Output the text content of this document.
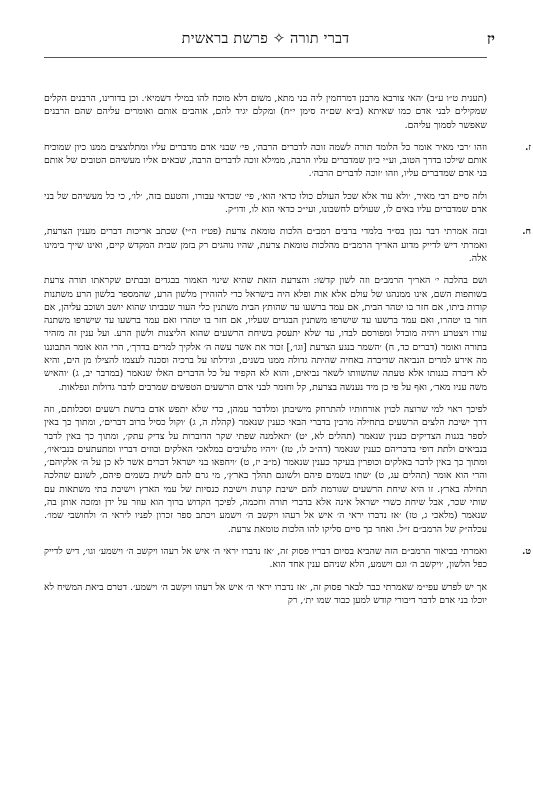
דברי תורה ✧ פרשת בראשית	יז

(תענית ט״ו ע״ב) ׳האי צורבא מרבנן דמרחמין ליה בני מתא, משום דלא מוכח להו במילי דשמיא׳. וכן בדורינו, הרבנים הקלים שמקילים לבני אדם כמו שאיתא (ב״א שם״ה סימן י״ח) ומקלם יגיד להם, אוהבים אותם ואומרים עליהם שהם הרבנים שאפשר לסמוך עליהם.

ז.

וזהו ׳רבי מאיר אומר כל הלומד תורה לשמה זוכה לדברים הרבה׳, פי׳ שבני אדם מדברים עליו ומתלוצצים ממנו כיון שמוכיח אותם שילכו בדרך הטוב, וע״י כיון שמדברים עליו הרבה, ממילא זוכה לדברים הרבה, שבאים אליו מעשיהם הטובים של אותם בני אדם שמדברים עליו, וזהו ׳זוכה לדברים הרבה׳.

ולזה סיים רבי מאיר, ׳ולא עוד אלא שכל העולם כולו כדאי הוא׳, פי׳ שכדאי עבורו, והטעם בזה, ׳לו׳, כי כל מעשיהם של בני אדם שמדברים עליו באים לו, שעולים לחשבונו, ועי״כ כדאי הוא לו, ודו״ק.

ח.

ובזה אמרתי דבר נכון בס״ד בלמדי ברבים רמב״ם הלכות טומאת צרעת (פט״ז ה״י) שכתב אריכות דברים מענין הצרעת, ואמרתי דיש לדייק מדוע האריך הרמב״ם מהלכות טומאת צרעת, שהיו נוהגים רק בזמן שבית המקדש קיים, ואינו שייך בימינו אלה.

ושם בהלכה י׳ האריך הרמב״ם וזה לשון קדשו: והצרעת הזאת שהיא שינוי האמור בבגדים ובבתים שקראתו תורה צרעת בשותפות השם, אינו ממנהגו של עולם אלא אות ופלא היה בישראל כדי להזהירן מלשון הרע, שהמספר בלשון הרע משתנות קורות ביתו, אם חזר בו יטהר הבית, אם עמד ברשעו עד שהותץ הבית משתנין כלי העור שבביתו שהוא יושב ושוכב עליהן, אם חזר בו יטהרו, ואם עמד ברשעו עד שישרפו משתנין הבגדים שעליו, אם חזר בו יטהרו ואם עמד ברשעו עד שישרפו משתנה עורו ויצטרע ויהיה מובדל ומפורסם לבדו, עד שלא יתעסק בשיחת הרשעים שהוא הליצנות ולשון הרע. ועל ענין זה מזהיר בתורה ואומר (דברים כד, ח) ׳השמר בנגע הצרעת [וגו׳,] זכור את אשר עשה ה׳ אלקיך למרים בדרך׳, הרי הוא אומר התבוננו מה אירע למרים הנביאה שדיברה באחיה שהיתה גדולה ממנו בשנים, וגידלתו על ברכיה וסכנה לעצמו להצילו מן הים, והיא לא דיברה בגנותו אלא טעתה שהשוותו לשאר נביאים, והוא לא הקפיד על כל הדברים האלו שנאמר (במדבר יב, ג) ׳והאיש משה עניו מאד׳, ואף על פי כן מיד נענשה בצרעת, קל וחומר לבני אדם הרשעים הטפשים שמרבים לדבר גדולות ונפלאות.

לפיכך ראוי למי שרוצה לכוין אורחותיו להתרחק מישיבתן ומלדבר עמהן, כדי שלא יתפש אדם ברשת רשעים וסכלותם, וזה דרך ישיבת הלצים הרשעים בתחילה מרבין בדברי הבאי כענין שנאמר (קהלת ה, ג) ׳וקול כסיל ברוב דברים׳, ומתוך כך באין לספר בגנות הצדיקים כענין שנאמר (תהלים לא, יט) ׳תאלמנה שפתי שקר הדוברות על צדיק עתק׳, ומתוך כך באין לדבר בנביאים ולתת דופי בדבריהם כענין שנאמר (דה״ב לו, טז) ׳ויהיו מלעיבים במלאכי האלקים ובוזים דבריו ומתעתעים בנביאיו׳, ומתוך כך באין לדבר באלקים וכופרין בעיקר כענין שנאמר (מ״ב יז, ט) ׳ויחפאו בני ישראל דברים אשר לא כן על ה׳ אלקיהם׳, והרי הוא אומר (תהלים עג, ט) ׳שתו בשמים פיהם ולשונם תהלך בארץ׳, מי גרם להם לשית בשמים פיהם, לשונם שהלכה תחילה בארץ. זו היא שיחת הרשעים שגורמת להם ישיבת קרנות וישיבת כנסיות של עמי הארץ וישיבת בתי משתאות עם שותי שכר, אבל שיחת כשרי ישראל אינה אלא בדברי תורה וחכמה, לפיכך הקדוש ברוך הוא עוזר על ידן ומזכה אותן בה, שנאמר (מלאכי ג, טז) ׳אז נדברו יראי ה׳ איש אל רעהו ויקשב ה׳ וישמע ויכתב ספר זכרון לפניו ליראי ה׳ ולחושבי שמו׳. עכלה״ק של הרמב״ם ז״ל. ואחר כך סיים סליקו להו הלכות טומאת צרעת.

ט.

ואמרתי בביאור הרמב״ם הזה שהביא בסיום דבריו פסוק זה, ׳אז נדברו יראי ה׳ איש אל רעהו ויקשב ה׳ וישמע׳ וגו׳, דיש לדייק כפל הלשון, ׳ויקשב ה׳ וגם וישמע, הלא שניהם ענין אחד הוא.

אך יש לפרש עפי״מ שאמרתי כבר לבאר פסוק זה, ׳אז נדברו יראי ה׳ איש אל רעהו ויקשב ה׳ וישמע׳. דטרם ביאת המשיח לא יוכלו בני אדם לדבר דיבורי קודש למען כבוד שמו ית׳, רק
